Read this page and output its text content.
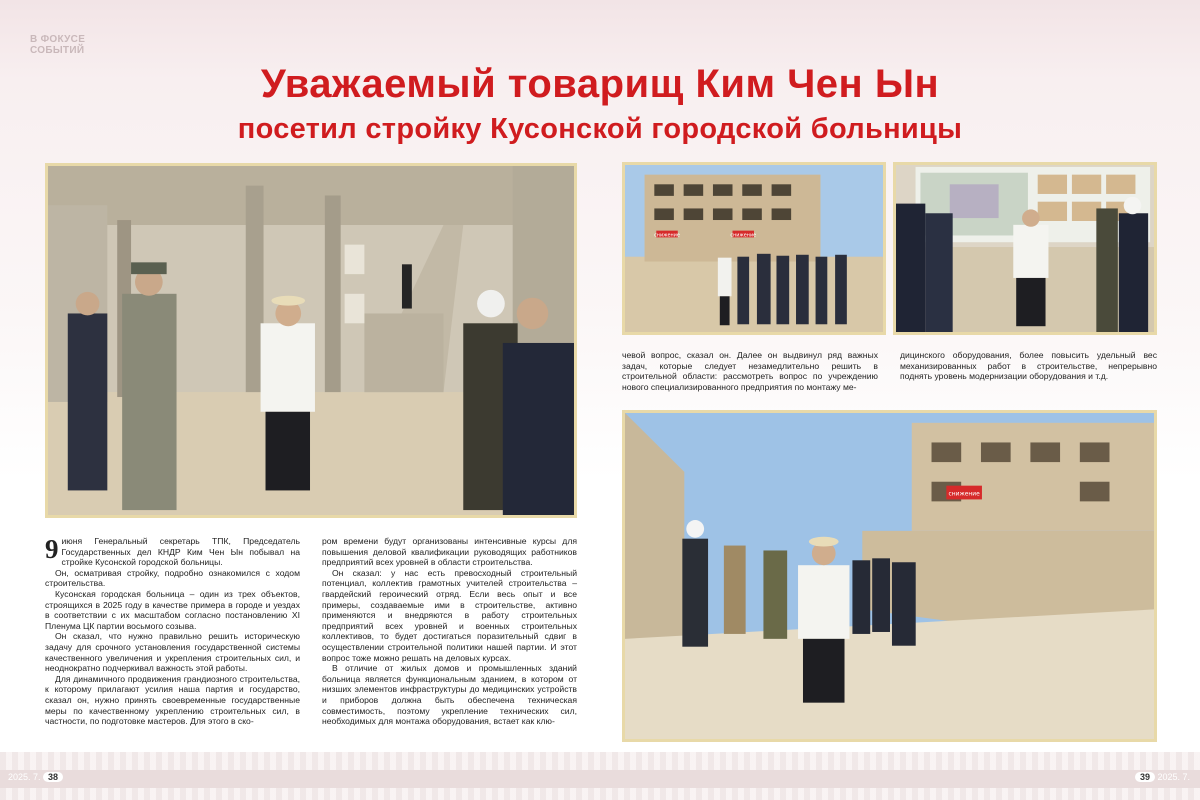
В ФОКУСЕ
СОБЫТИЙ
Уважаемый товарищ Ким Чен Ын
посетил стройку Кусонской городской больницы
снижение	снижение
снижение

9 июня Генеральный секретарь ТПК, Председатель Государственных дел КНДР Ким Чен Ын побывал на стройке Кусонской городской больницы.

Он, осматривая стройку, подробно ознакомился с ходом строительства.

Кусонская городская больница – один из трех объектов, строящихся в 2025 году в качестве примера в городе и уездах в соответствии с их масштабом согласно постановлению XI Пленума ЦК партии восьмого созыва.

Он сказал, что нужно правильно решить историческую задачу для срочного установления государственной системы качественного увеличения и укрепления строительных сил, и неоднократно подчеркивал важность этой работы.

Для динамичного продвижения грандиозного строительства, к которому прилагают усилия наша партия и государство, сказал он, нужно принять своевременные государственные меры по качественному укреплению строительных сил, в частности, по подготовке мастеров. Для этого в ско-

ром времени будут организованы интенсивные курсы для повышения деловой квалификации руководящих работников предприятий всех уровней в области строительства.

Он сказал: у нас есть превосходный строительный потенциал, коллектив грамотных учителей строительства – гвардейский героический отряд. Если весь опыт и все примеры, создаваемые ими в строительстве, активно применяются и внедряются в работу строительных предприятий всех уровней и военных строительных коллективов, то будет достигаться поразительный сдвиг в осуществлении строительной политики нашей партии. И этот вопрос тоже можно решать на деловых курсах.

В отличие от жилых домов и промышленных зданий больница является функциональным зданием, в котором от низших элементов инфраструктуры до медицинских устройств и приборов должна быть обеспечена техническая совместимость, поэтому укрепление технических сил, необходимых для монтажа оборудования, встает как клю-

чевой вопрос, сказал он. Далее он выдвинул ряд важных задач, которые следует незамедлительно решить в строительной области: рассмотреть вопрос по учреждению нового специализированного предприятия по монтажу ме-

дицинского оборудования, более повысить удельный вес механизированных работ в строительстве, непрерывно поднять уровень модернизации оборудования и т.д.

2025. 7. 38	39 2025. 7.
